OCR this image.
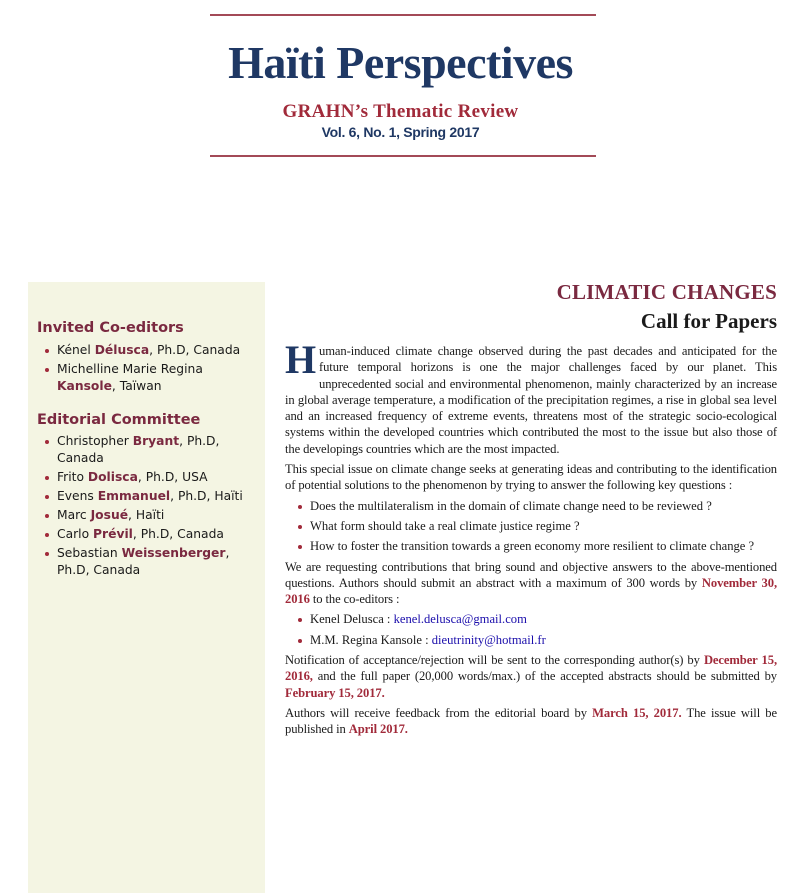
Haïti Perspectives
GRAHN’s Thematic Review
Vol. 6, No. 1, Spring 2017
Invited Co-editors
Kénel Délusca, Ph.D, Canada
Michelline Marie Regina Kansole, Taïwan
Editorial Committee
Christopher Bryant, Ph.D, Canada
Frito Dolisca, Ph.D, USA
Evens Emmanuel, Ph.D, Haïti
Marc Josué, Haïti
Carlo Prévil, Ph.D, Canada
Sebastian Weissenberger, Ph.D, Canada
CLIMATIC CHANGES
Call for Papers

Human-induced climate change observed during the past decades and anticipated for the future temporal horizons is one the major challenges faced by our planet. This unprecedented social and environmental phenomenon, mainly characterized by an increase in global average temperature, a modification of the precipitation regimes, a rise in global sea level and an increased frequency of extreme events, threatens most of the strategic socio-ecological systems within the developed countries which contributed the most to the issue but also those of the developings countries which are the most impacted.

This special issue on climate change seeks at generating ideas and contributing to the identification of potential solutions to the phenomenon by trying to answer the following key questions :

Does the multilateralism in the domain of climate change need to be reviewed ?
What form should take a real climate justice regime ?
How to foster the transition towards a green economy more resilient to climate change ?

We are requesting contributions that bring sound and objective answers to the above-mentioned questions. Authors should submit an abstract with a maximum of 300 words by November 30, 2016 to the co-editors :

Kenel Delusca : kenel.delusca@gmail.com
M.M. Regina Kansole : dieutrinity@hotmail.fr

Notification of acceptance/rejection will be sent to the corresponding author(s) by December 15, 2016, and the full paper (20,000 words/max.) of the accepted abstracts should be submitted by February 15, 2017.

Authors will receive feedback from the editorial board by March 15, 2017. The issue will be published in April 2017.
